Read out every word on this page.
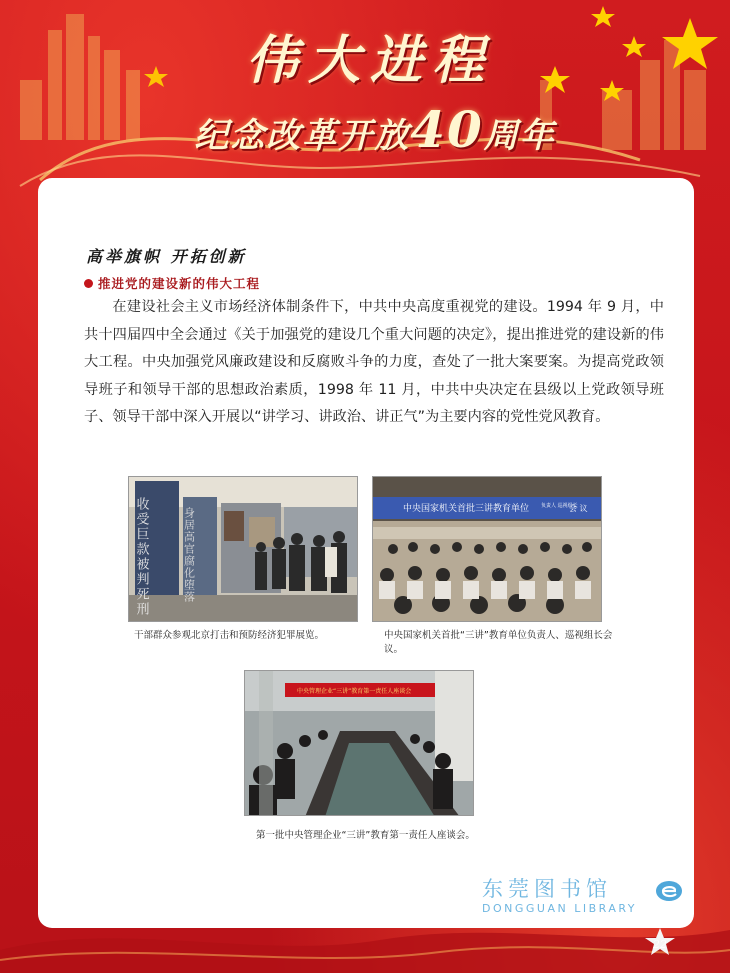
伟大进程
纪念改革开放40周年
高举旗帜 开拓创新
推进党的建设新的伟大工程

在建设社会主义市场经济体制条件下，中共中央高度重视党的建设。1994 年 9 月，中共十四届四中全会通过《关于加强党的建设几个重大问题的决定》，提出推进党的建设新的伟大工程。中央加强党风廉政建设和反腐败斗争的力度，查处了一批大案要案。为提高党政领导班子和领导干部的思想政治素质，1998 年 11 月，中共中央决定在县级以上党政领导班子、领导干部中深入开展以“讲学习、讲政治、讲正气”为主要内容的党性党风教育。

收受巨款被判死刑	身居高官腐化堕落
干部群众参观北京打击和预防经济犯罪展览。
中央国家机关首批三讲教育单位 负责人 巡视组长
会 议
中央国家机关首批“三讲”教育单位负责人、巡视组长会议。
中央管理企业“三讲”教育第一责任人座谈会
第一批中央管理企业“三讲”教育第一责任人座谈会。
东莞图书馆
DONGGUAN LIBRARY
22
